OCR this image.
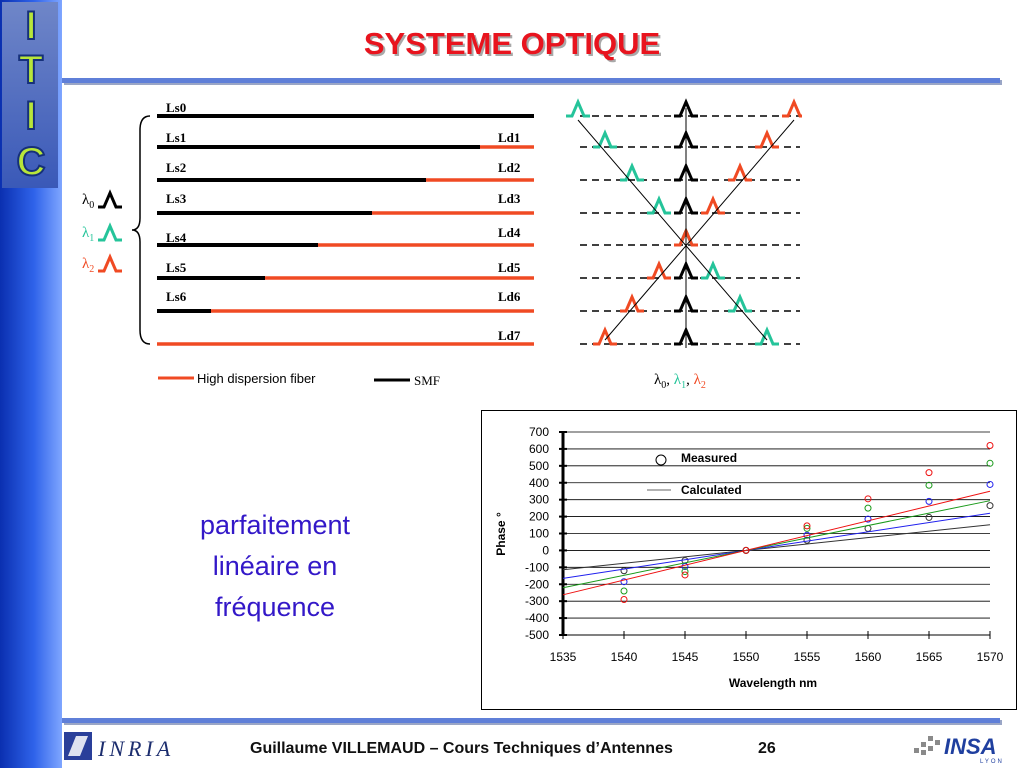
I
T
I
C
SYSTEME OPTIQUE
Ls0
Ls1
Ls2
Ls3
Ls4
Ls5
Ls6
Ld1
Ld2
Ld3
Ld4
Ld5
Ld6
Ld7
$\lambda_0$
$\lambda_1$
$\lambda_2$
High dispersion fiber	SMF	$\lambda_0$, $\lambda_1$, $\lambda_2$
parfaitement
linéaire en
fréquence
700
600
500
400
300
200
100
0
-100
-200
-300
-400
-500
1535	1540	1545	1550	1555	1560	1565	1570
Measured
Calculated
Phase °
Wavelength nm
INRIA	Guillaume VILLEMAUD – Cours Techniques d’Antennes	26	INSA
LYON
